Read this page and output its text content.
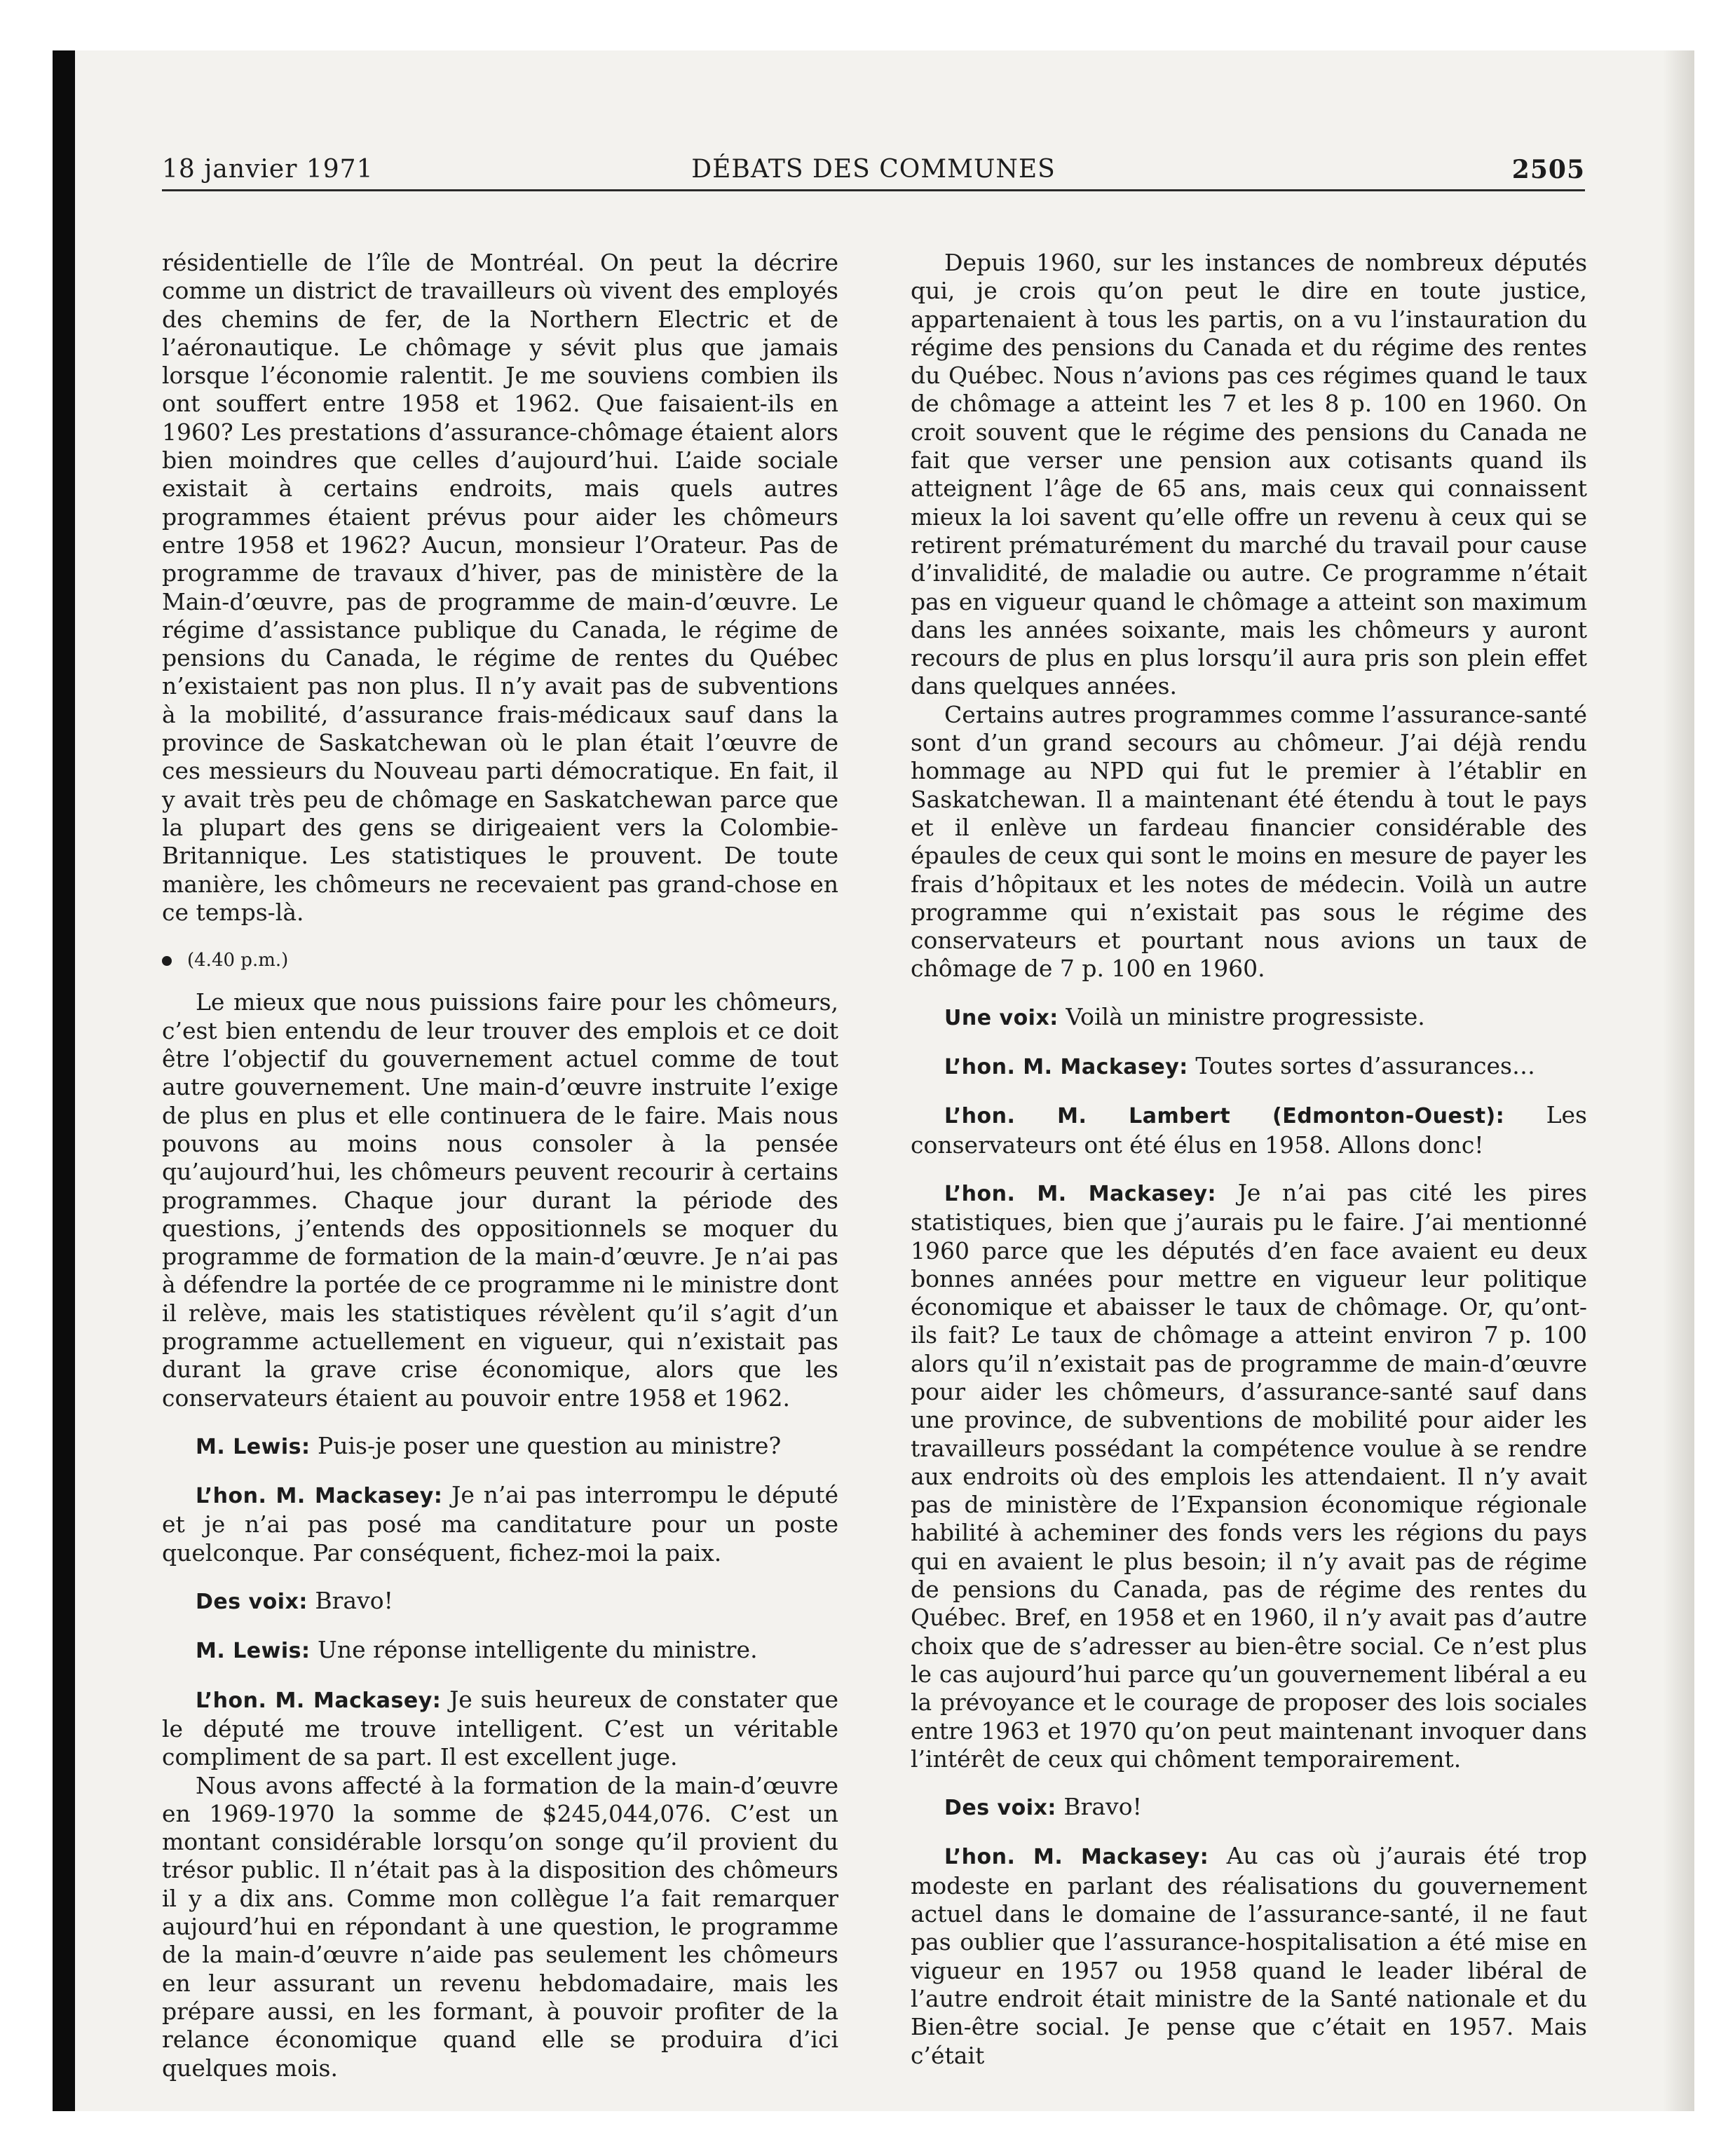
DÉBATS DES COMMUNES
18 janvier 1971	2505

résidentielle de l’île de Montréal. On peut la décrire comme un district de travailleurs où vivent des employés des chemins de fer, de la Northern Electric et de l’aéronautique. Le chômage y sévit plus que jamais lorsque l’économie ralentit. Je me souviens combien ils ont souffert entre 1958 et 1962. Que faisaient-ils en 1960? Les prestations d’assurance-chômage étaient alors bien moindres que celles d’aujourd’hui. L’aide sociale existait à certains endroits, mais quels autres programmes étaient prévus pour aider les chômeurs entre 1958 et 1962? Aucun, monsieur l’Orateur. Pas de programme de travaux d’hiver, pas de ministère de la Main-d’œuvre, pas de programme de main-d’œuvre. Le régime d’assistance publique du Canada, le régime de pensions du Canada, le régime de rentes du Québec n’existaient pas non plus. Il n’y avait pas de subventions à la mobilité, d’assurance frais-médicaux sauf dans la province de Saskatchewan où le plan était l’œuvre de ces messieurs du Nouveau parti démocratique. En fait, il y avait très peu de chômage en Saskatchewan parce que la plupart des gens se dirigeaient vers la Colombie-Britannique. Les statistiques le prouvent. De toute manière, les chômeurs ne recevaient pas grand-chose en ce temps-là.

(4.40 p.m.)

Le mieux que nous puissions faire pour les chômeurs, c’est bien entendu de leur trouver des emplois et ce doit être l’objectif du gouvernement actuel comme de tout autre gouvernement. Une main-d’œuvre instruite l’exige de plus en plus et elle continuera de le faire. Mais nous pouvons au moins nous consoler à la pensée qu’aujourd’hui, les chômeurs peuvent recourir à certains programmes. Chaque jour durant la période des questions, j’entends des oppositionnels se moquer du programme de formation de la main-d’œuvre. Je n’ai pas à défendre la portée de ce programme ni le ministre dont il relève, mais les statistiques révèlent qu’il s’agit d’un programme actuellement en vigueur, qui n’existait pas durant la grave crise économique, alors que les conservateurs étaient au pouvoir entre 1958 et 1962.

M. Lewis: Puis-je poser une question au ministre?

L’hon. M. Mackasey: Je n’ai pas interrompu le député et je n’ai pas posé ma canditature pour un poste quelconque. Par conséquent, fichez-moi la paix.

Des voix: Bravo!

M. Lewis: Une réponse intelligente du ministre.

L’hon. M. Mackasey: Je suis heureux de constater que le député me trouve intelligent. C’est un véritable compliment de sa part. Il est excellent juge.

Nous avons affecté à la formation de la main-d’œuvre en 1969-1970 la somme de $245,044,076. C’est un montant considérable lorsqu’on songe qu’il provient du trésor public. Il n’était pas à la disposition des chômeurs il y a dix ans. Comme mon collègue l’a fait remarquer aujourd’hui en répondant à une question, le programme de la main-d’œuvre n’aide pas seulement les chômeurs en leur assurant un revenu hebdomadaire, mais les prépare aussi, en les formant, à pouvoir profiter de la relance économique quand elle se produira d’ici quelques mois.

Depuis 1960, sur les instances de nombreux députés qui, je crois qu’on peut le dire en toute justice, appartenaient à tous les partis, on a vu l’instauration du régime des pensions du Canada et du régime des rentes du Québec. Nous n’avions pas ces régimes quand le taux de chômage a atteint les 7 et les 8 p. 100 en 1960. On croit souvent que le régime des pensions du Canada ne fait que verser une pension aux cotisants quand ils atteignent l’âge de 65 ans, mais ceux qui connaissent mieux la loi savent qu’elle offre un revenu à ceux qui se retirent prématurément du marché du travail pour cause d’invalidité, de maladie ou autre. Ce programme n’était pas en vigueur quand le chômage a atteint son maximum dans les années soixante, mais les chômeurs y auront recours de plus en plus lorsqu’il aura pris son plein effet dans quelques années.

Certains autres programmes comme l’assurance-santé sont d’un grand secours au chômeur. J’ai déjà rendu hommage au NPD qui fut le premier à l’établir en Saskatchewan. Il a maintenant été étendu à tout le pays et il enlève un fardeau financier considérable des épaules de ceux qui sont le moins en mesure de payer les frais d’hôpitaux et les notes de médecin. Voilà un autre programme qui n’existait pas sous le régime des conservateurs et pourtant nous avions un taux de chômage de 7 p. 100 en 1960.

Une voix: Voilà un ministre progressiste.

L’hon. M. Mackasey: Toutes sortes d’assurances…

L’hon. M. Lambert (Edmonton-Ouest): Les conservateurs ont été élus en 1958. Allons donc!

L’hon. M. Mackasey: Je n’ai pas cité les pires statistiques, bien que j’aurais pu le faire. J’ai mentionné 1960 parce que les députés d’en face avaient eu deux bonnes années pour mettre en vigueur leur politique économique et abaisser le taux de chômage. Or, qu’ont-ils fait? Le taux de chômage a atteint environ 7 p. 100 alors qu’il n’existait pas de programme de main-d’œuvre pour aider les chômeurs, d’assurance-santé sauf dans une province, de subventions de mobilité pour aider les travailleurs possédant la compétence voulue à se rendre aux endroits où des emplois les attendaient. Il n’y avait pas de ministère de l’Expansion économique régionale habilité à acheminer des fonds vers les régions du pays qui en avaient le plus besoin; il n’y avait pas de régime de pensions du Canada, pas de régime des rentes du Québec. Bref, en 1958 et en 1960, il n’y avait pas d’autre choix que de s’adresser au bien-être social. Ce n’est plus le cas aujourd’hui parce qu’un gouvernement libéral a eu la prévoyance et le courage de proposer des lois sociales entre 1963 et 1970 qu’on peut maintenant invoquer dans l’intérêt de ceux qui chôment temporairement.

Des voix: Bravo!

L’hon. M. Mackasey: Au cas où j’aurais été trop modeste en parlant des réalisations du gouvernement actuel dans le domaine de l’assurance-santé, il ne faut pas oublier que l’assurance-hospitalisation a été mise en vigueur en 1957 ou 1958 quand le leader libéral de l’autre endroit était ministre de la Santé nationale et du Bien-être social. Je pense que c’était en 1957. Mais c’était
